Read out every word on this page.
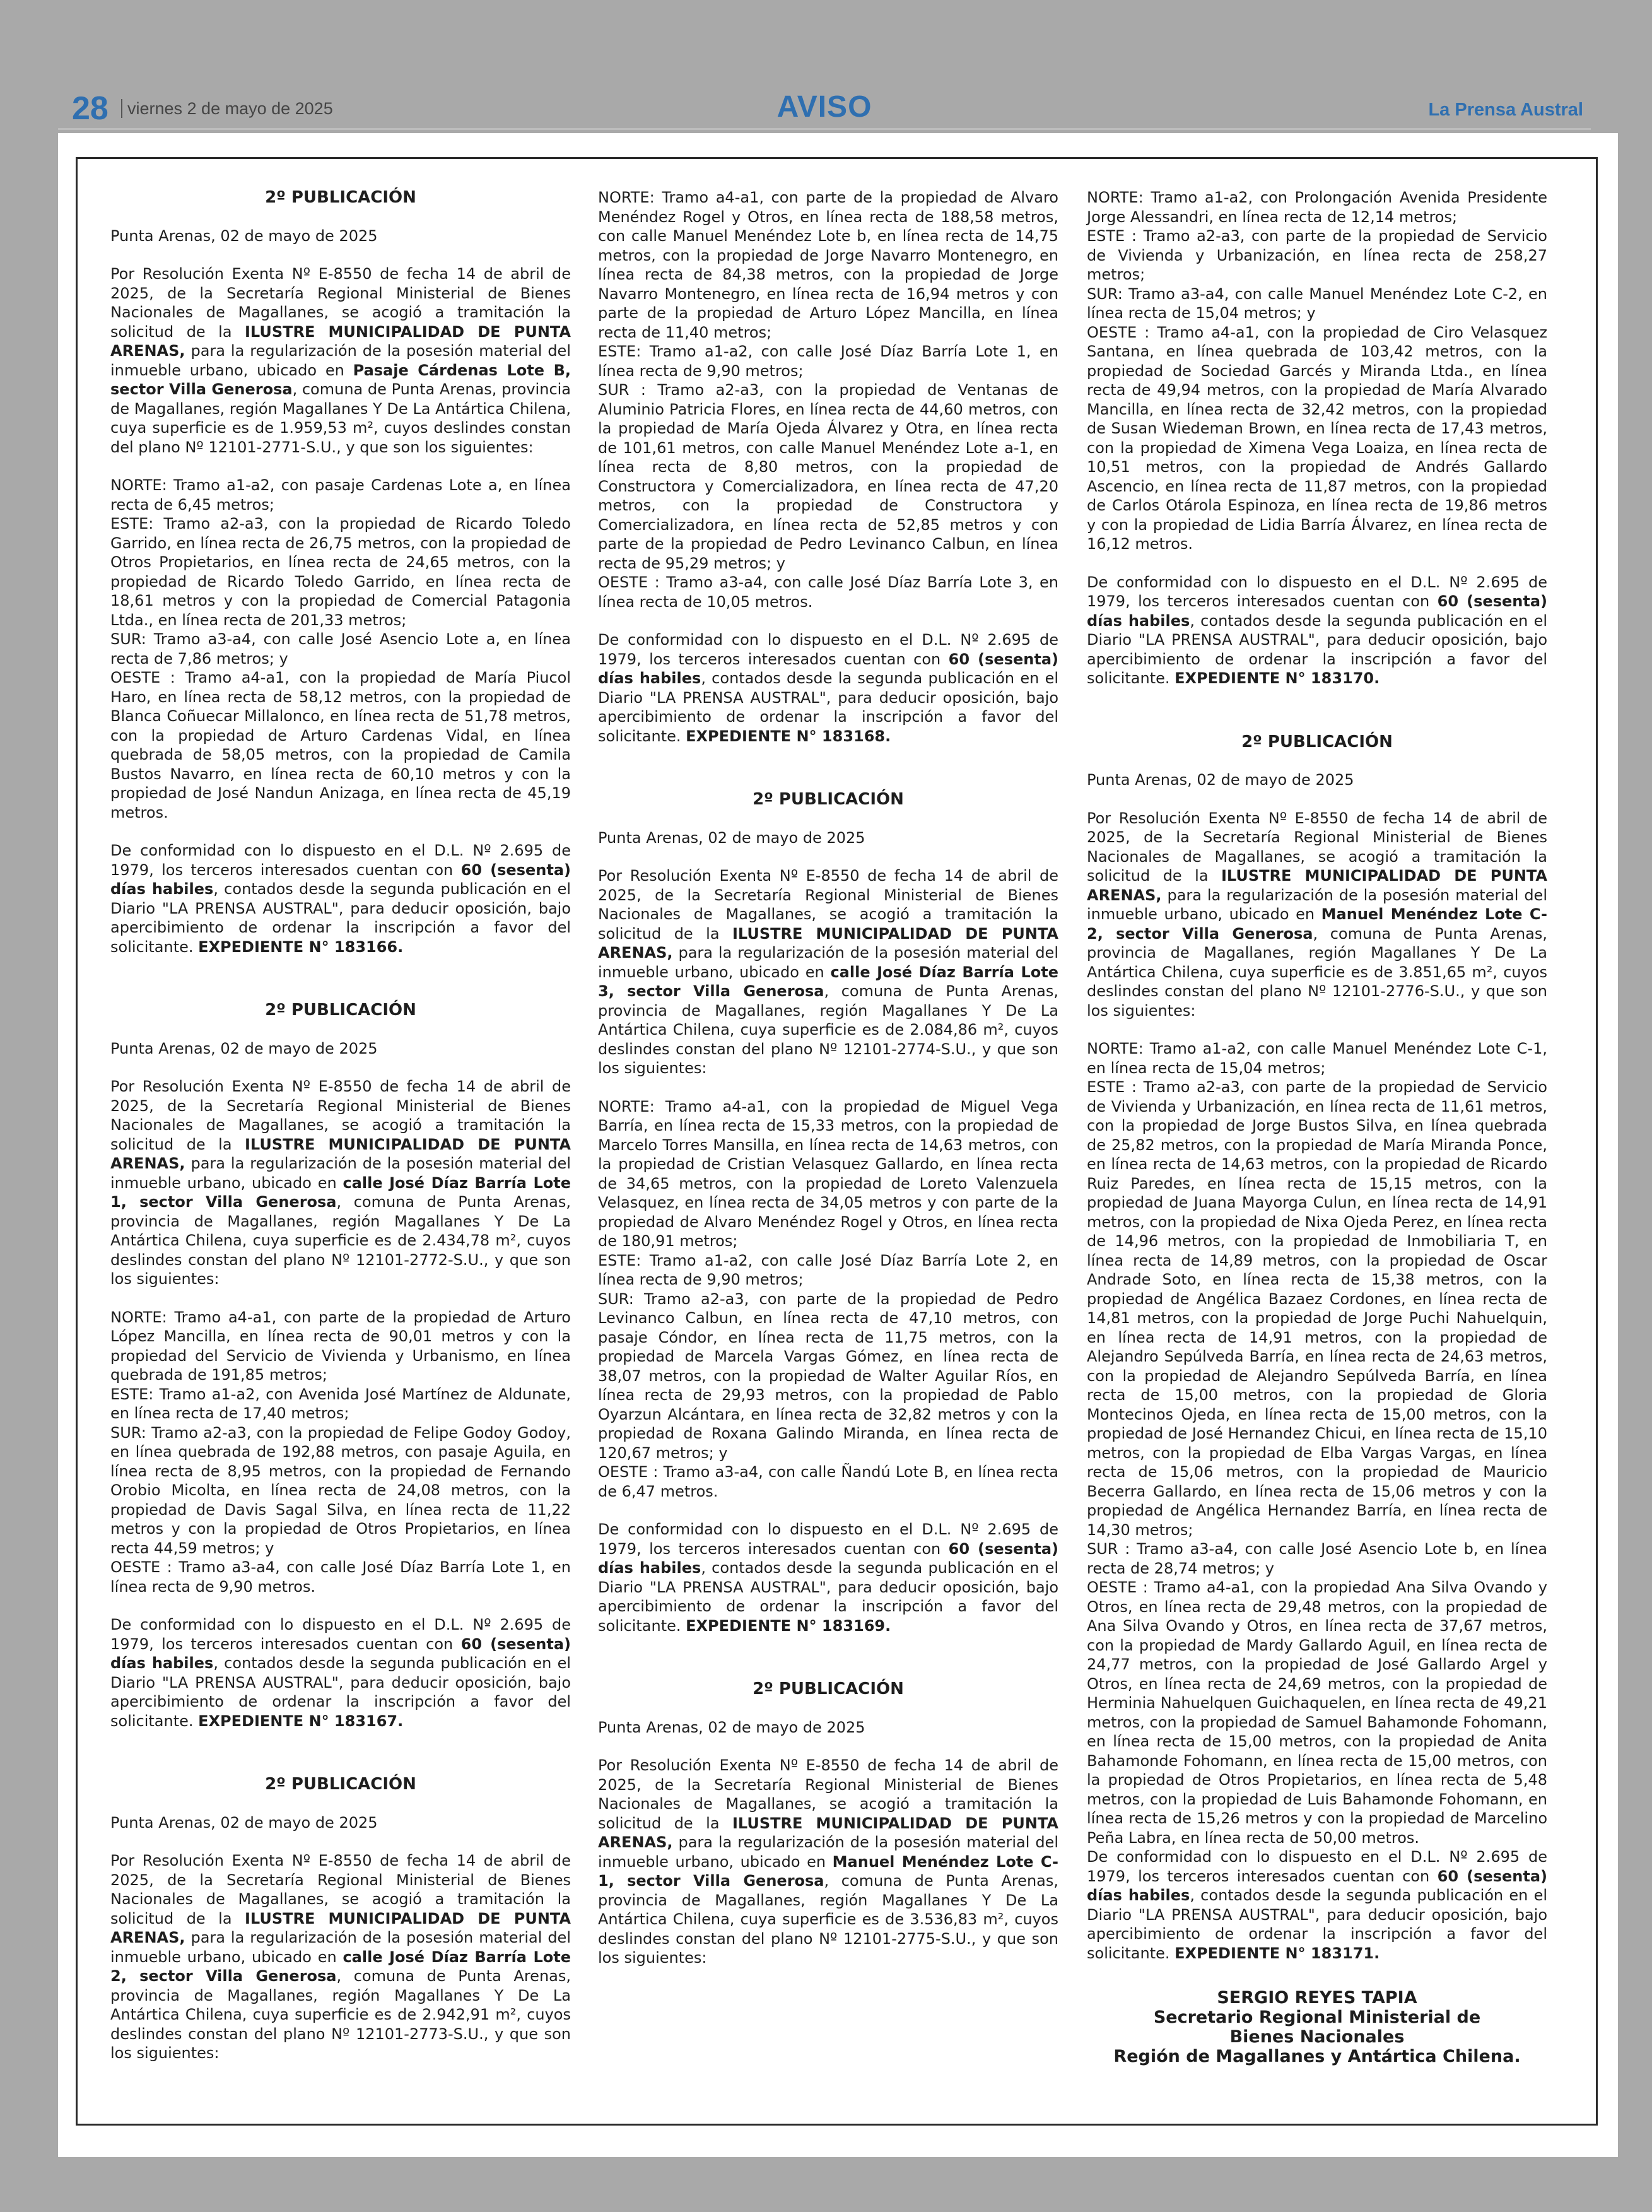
28	viernes 2 de mayo de 2025	AVISO	La Prensa Austral
2º PUBLICACIÓN
Punta Arenas, 02 de mayo de 2025
Por Resolución Exenta Nº E-8550 de fecha 14 de abril de 2025, de la Secretaría Regional Ministerial de Bienes Nacionales de Magallanes, se acogió a tramitación la solicitud de la ILUSTRE MUNICIPALIDAD DE PUNTA ARENAS, para la regularización de la posesión material del inmueble urbano, ubicado en Pasaje Cárdenas Lote B, sector Villa Generosa, comuna de Punta Arenas, provincia de Magallanes, región Magallanes Y De La Antártica Chilena, cuya superficie es de 1.959,53 m², cuyos deslindes constan del plano Nº 12101-2771-S.U., y que son los siguientes:

NORTE: Tramo a1-a2, con pasaje Cardenas Lote a, en línea recta de 6,45 metros;

ESTE: Tramo a2-a3, con la propiedad de Ricardo Toledo Garrido, en línea recta de 26,75 metros, con la propiedad de Otros Propietarios, en línea recta de 24,65 metros, con la propiedad de Ricardo Toledo Garrido, en línea recta de 18,61 metros y con la propiedad de Comercial Patagonia Ltda., en línea recta de 201,33 metros;

SUR: Tramo a3-a4, con calle José Asencio Lote a, en línea recta de 7,86 metros; y

OESTE : Tramo a4-a1, con la propiedad de María Piucol Haro, en línea recta de 58,12 metros, con la propiedad de Blanca Coñuecar Millalonco, en línea recta de 51,78 metros, con la propiedad de Arturo Cardenas Vidal, en línea quebrada de 58,05 metros, con la propiedad de Camila Bustos Navarro, en línea recta de 60,10 metros y con la propiedad de José Nandun Anizaga, en línea recta de 45,19 metros.

De conformidad con lo dispuesto en el D.L. Nº 2.695 de 1979, los terceros interesados cuentan con 60 (sesenta) días habiles, contados desde la segunda publicación en el Diario "LA PRENSA AUSTRAL", para deducir oposición, bajo apercibimiento de ordenar la inscripción a favor del solicitante. EXPEDIENTE N° 183166.
2º PUBLICACIÓN
Punta Arenas, 02 de mayo de 2025
Por Resolución Exenta Nº E-8550 de fecha 14 de abril de 2025, de la Secretaría Regional Ministerial de Bienes Nacionales de Magallanes, se acogió a tramitación la solicitud de la ILUSTRE MUNICIPALIDAD DE PUNTA ARENAS, para la regularización de la posesión material del inmueble urbano, ubicado en calle José Díaz Barría Lote 1, sector Villa Generosa, comuna de Punta Arenas, provincia de Magallanes, región Magallanes Y De La Antártica Chilena, cuya superficie es de 2.434,78 m², cuyos deslindes constan del plano Nº 12101-2772-S.U., y que son los siguientes:

NORTE: Tramo a4-a1, con parte de la propiedad de Arturo López Mancilla, en línea recta de 90,01 metros y con la propiedad del Servicio de Vivienda y Urbanismo, en línea quebrada de 191,85 metros;

ESTE: Tramo a1-a2, con Avenida José Martínez de Aldunate, en línea recta de 17,40 metros;

SUR: Tramo a2-a3, con la propiedad de Felipe Godoy Godoy, en línea quebrada de 192,88 metros, con pasaje Aguila, en línea recta de 8,95 metros, con la propiedad de Fernando Orobio Micolta, en línea recta de 24,08 metros, con la propiedad de Davis Sagal Silva, en línea recta de 11,22 metros y con la propiedad de Otros Propietarios, en línea recta 44,59 metros; y

OESTE : Tramo a3-a4, con calle José Díaz Barría Lote 1, en línea recta de 9,90 metros.

De conformidad con lo dispuesto en el D.L. Nº 2.695 de 1979, los terceros interesados cuentan con 60 (sesenta) días habiles, contados desde la segunda publicación en el Diario "LA PRENSA AUSTRAL", para deducir oposición, bajo apercibimiento de ordenar la inscripción a favor del solicitante. EXPEDIENTE N° 183167.
2º PUBLICACIÓN
Punta Arenas, 02 de mayo de 2025
Por Resolución Exenta Nº E-8550 de fecha 14 de abril de 2025, de la Secretaría Regional Ministerial de Bienes Nacionales de Magallanes, se acogió a tramitación la solicitud de la ILUSTRE MUNICIPALIDAD DE PUNTA ARENAS, para la regularización de la posesión material del inmueble urbano, ubicado en calle José Díaz Barría Lote 2, sector Villa Generosa, comuna de Punta Arenas, provincia de Magallanes, región Magallanes Y De La Antártica Chilena, cuya superficie es de 2.942,91 m², cuyos deslindes constan del plano Nº 12101-2773-S.U., y que son los siguientes:

NORTE: Tramo a4-a1, con parte de la propiedad de Alvaro Menéndez Rogel y Otros, en línea recta de 188,58 metros, con calle Manuel Menéndez Lote b, en línea recta de 14,75 metros, con la propiedad de Jorge Navarro Montenegro, en línea recta de 84,38 metros, con la propiedad de Jorge Navarro Montenegro, en línea recta de 16,94 metros y con parte de la propiedad de Arturo López Mancilla, en línea recta de 11,40 metros;

ESTE: Tramo a1-a2, con calle José Díaz Barría Lote 1, en línea recta de 9,90 metros;

SUR : Tramo a2-a3, con la propiedad de Ventanas de Aluminio Patricia Flores, en línea recta de 44,60 metros, con la propiedad de María Ojeda Álvarez y Otra, en línea recta de 101,61 metros, con calle Manuel Menéndez Lote a-1, en línea recta de 8,80 metros, con la propiedad de Constructora y Comercializadora, en línea recta de 47,20 metros, con la propiedad de Constructora y Comercializadora, en línea recta de 52,85 metros y con parte de la propiedad de Pedro Levinanco Calbun, en línea recta de 95,29 metros; y

OESTE : Tramo a3-a4, con calle José Díaz Barría Lote 3, en línea recta de 10,05 metros.

De conformidad con lo dispuesto en el D.L. Nº 2.695 de 1979, los terceros interesados cuentan con 60 (sesenta) días habiles, contados desde la segunda publicación en el Diario "LA PRENSA AUSTRAL", para deducir oposición, bajo apercibimiento de ordenar la inscripción a favor del solicitante. EXPEDIENTE N° 183168.
2º PUBLICACIÓN
Punta Arenas, 02 de mayo de 2025
Por Resolución Exenta Nº E-8550 de fecha 14 de abril de 2025, de la Secretaría Regional Ministerial de Bienes Nacionales de Magallanes, se acogió a tramitación la solicitud de la ILUSTRE MUNICIPALIDAD DE PUNTA ARENAS, para la regularización de la posesión material del inmueble urbano, ubicado en calle José Díaz Barría Lote 3, sector Villa Generosa, comuna de Punta Arenas, provincia de Magallanes, región Magallanes Y De La Antártica Chilena, cuya superficie es de 2.084,86 m², cuyos deslindes constan del plano Nº 12101-2774-S.U., y que son los siguientes:

NORTE: Tramo a4-a1, con la propiedad de Miguel Vega Barría, en línea recta de 15,33 metros, con la propiedad de Marcelo Torres Mansilla, en línea recta de 14,63 metros, con la propiedad de Cristian Velasquez Gallardo, en línea recta de 34,65 metros, con la propiedad de Loreto Valenzuela Velasquez, en línea recta de 34,05 metros y con parte de la propiedad de Alvaro Menéndez Rogel y Otros, en línea recta de 180,91 metros;

ESTE: Tramo a1-a2, con calle José Díaz Barría Lote 2, en línea recta de 9,90 metros;

SUR: Tramo a2-a3, con parte de la propiedad de Pedro Levinanco Calbun, en línea recta de 47,10 metros, con pasaje Cóndor, en línea recta de 11,75 metros, con la propiedad de Marcela Vargas Gómez, en línea recta de 38,07 metros, con la propiedad de Walter Aguilar Ríos, en línea recta de 29,93 metros, con la propiedad de Pablo Oyarzun Alcántara, en línea recta de 32,82 metros y con la propiedad de Roxana Galindo Miranda, en línea recta de 120,67 metros; y

OESTE : Tramo a3-a4, con calle Ñandú Lote B, en línea recta de 6,47 metros.

De conformidad con lo dispuesto en el D.L. Nº 2.695 de 1979, los terceros interesados cuentan con 60 (sesenta) días habiles, contados desde la segunda publicación en el Diario "LA PRENSA AUSTRAL", para deducir oposición, bajo apercibimiento de ordenar la inscripción a favor del solicitante. EXPEDIENTE N° 183169.
2º PUBLICACIÓN
Punta Arenas, 02 de mayo de 2025
Por Resolución Exenta Nº E-8550 de fecha 14 de abril de 2025, de la Secretaría Regional Ministerial de Bienes Nacionales de Magallanes, se acogió a tramitación la solicitud de la ILUSTRE MUNICIPALIDAD DE PUNTA ARENAS, para la regularización de la posesión material del inmueble urbano, ubicado en Manuel Menéndez Lote C-1, sector Villa Generosa, comuna de Punta Arenas, provincia de Magallanes, región Magallanes Y De La Antártica Chilena, cuya superficie es de 3.536,83 m², cuyos deslindes constan del plano Nº 12101-2775-S.U., y que son los siguientes:

NORTE: Tramo a1-a2, con Prolongación Avenida Presidente Jorge Alessandri, en línea recta de 12,14 metros;

ESTE : Tramo a2-a3, con parte de la propiedad de Servicio de Vivienda y Urbanización, en línea recta de 258,27 metros;

SUR: Tramo a3-a4, con calle Manuel Menéndez Lote C-2, en línea recta de 15,04 metros; y

OESTE : Tramo a4-a1, con la propiedad de Ciro Velasquez Santana, en línea quebrada de 103,42 metros, con la propiedad de Sociedad Garcés y Miranda Ltda., en línea recta de 49,94 metros, con la propiedad de María Alvarado Mancilla, en línea recta de 32,42 metros, con la propiedad de Susan Wiedeman Brown, en línea recta de 17,43 metros, con la propiedad de Ximena Vega Loaiza, en línea recta de 10,51 metros, con la propiedad de Andrés Gallardo Ascencio, en línea recta de 11,87 metros, con la propiedad de Carlos Otárola Espinoza, en línea recta de 19,86 metros y con la propiedad de Lidia Barría Álvarez, en línea recta de 16,12 metros.

De conformidad con lo dispuesto en el D.L. Nº 2.695 de 1979, los terceros interesados cuentan con 60 (sesenta) días habiles, contados desde la segunda publicación en el Diario "LA PRENSA AUSTRAL", para deducir oposición, bajo apercibimiento de ordenar la inscripción a favor del solicitante. EXPEDIENTE N° 183170.
2º PUBLICACIÓN
Punta Arenas, 02 de mayo de 2025
Por Resolución Exenta Nº E-8550 de fecha 14 de abril de 2025, de la Secretaría Regional Ministerial de Bienes Nacionales de Magallanes, se acogió a tramitación la solicitud de la ILUSTRE MUNICIPALIDAD DE PUNTA ARENAS, para la regularización de la posesión material del inmueble urbano, ubicado en Manuel Menéndez Lote C-2, sector Villa Generosa, comuna de Punta Arenas, provincia de Magallanes, región Magallanes Y De La Antártica Chilena, cuya superficie es de 3.851,65 m², cuyos deslindes constan del plano Nº 12101-2776-S.U., y que son los siguientes:

NORTE: Tramo a1-a2, con calle Manuel Menéndez Lote C-1, en línea recta de 15,04 metros;

ESTE : Tramo a2-a3, con parte de la propiedad de Servicio de Vivienda y Urbanización, en línea recta de 11,61 metros, con la propiedad de Jorge Bustos Silva, en línea quebrada de 25,82 metros, con la propiedad de María Miranda Ponce, en línea recta de 14,63 metros, con la propiedad de Ricardo Ruiz Paredes, en línea recta de 15,15 metros, con la propiedad de Juana Mayorga Culun, en línea recta de 14,91 metros, con la propiedad de Nixa Ojeda Perez, en línea recta de 14,96 metros, con la propiedad de Inmobiliaria T, en línea recta de 14,89 metros, con la propiedad de Oscar Andrade Soto, en línea recta de 15,38 metros, con la propiedad de Angélica Bazaez Cordones, en línea recta de 14,81 metros, con la propiedad de Jorge Puchi Nahuelquin, en línea recta de 14,91 metros, con la propiedad de Alejandro Sepúlveda Barría, en línea recta de 24,63 metros, con la propiedad de Alejandro Sepúlveda Barría, en línea recta de 15,00 metros, con la propiedad de Gloria Montecinos Ojeda, en línea recta de 15,00 metros, con la propiedad de José Hernandez Chicui, en línea recta de 15,10 metros, con la propiedad de Elba Vargas Vargas, en línea recta de 15,06 metros, con la propiedad de Mauricio Becerra Gallardo, en línea recta de 15,06 metros y con la propiedad de Angélica Hernandez Barría, en línea recta de 14,30 metros;

SUR : Tramo a3-a4, con calle José Asencio Lote b, en línea recta de 28,74 metros; y

OESTE : Tramo a4-a1, con la propiedad Ana Silva Ovando y Otros, en línea recta de 29,48 metros, con la propiedad de Ana Silva Ovando y Otros, en línea recta de 37,67 metros, con la propiedad de Mardy Gallardo Aguil, en línea recta de 24,77 metros, con la propiedad de José Gallardo Argel y Otros, en línea recta de 24,69 metros, con la propiedad de Herminia Nahuelquen Guichaquelen, en línea recta de 49,21 metros, con la propiedad de Samuel Bahamonde Fohomann, en línea recta de 15,00 metros, con la propiedad de Anita Bahamonde Fohomann, en línea recta de 15,00 metros, con la propiedad de Otros Propietarios, en línea recta de 5,48 metros, con la propiedad de Luis Bahamonde Fohomann, en línea recta de 15,26 metros y con la propiedad de Marcelino Peña Labra, en línea recta de 50,00 metros.

De conformidad con lo dispuesto en el D.L. Nº 2.695 de 1979, los terceros interesados cuentan con 60 (sesenta) días habiles, contados desde la segunda publicación en el Diario "LA PRENSA AUSTRAL", para deducir oposición, bajo apercibimiento de ordenar la inscripción a favor del solicitante. EXPEDIENTE N° 183171.

SERGIO REYES TAPIA

Secretario Regional Ministerial de

Bienes Nacionales

Región de Magallanes y Antártica Chilena.
